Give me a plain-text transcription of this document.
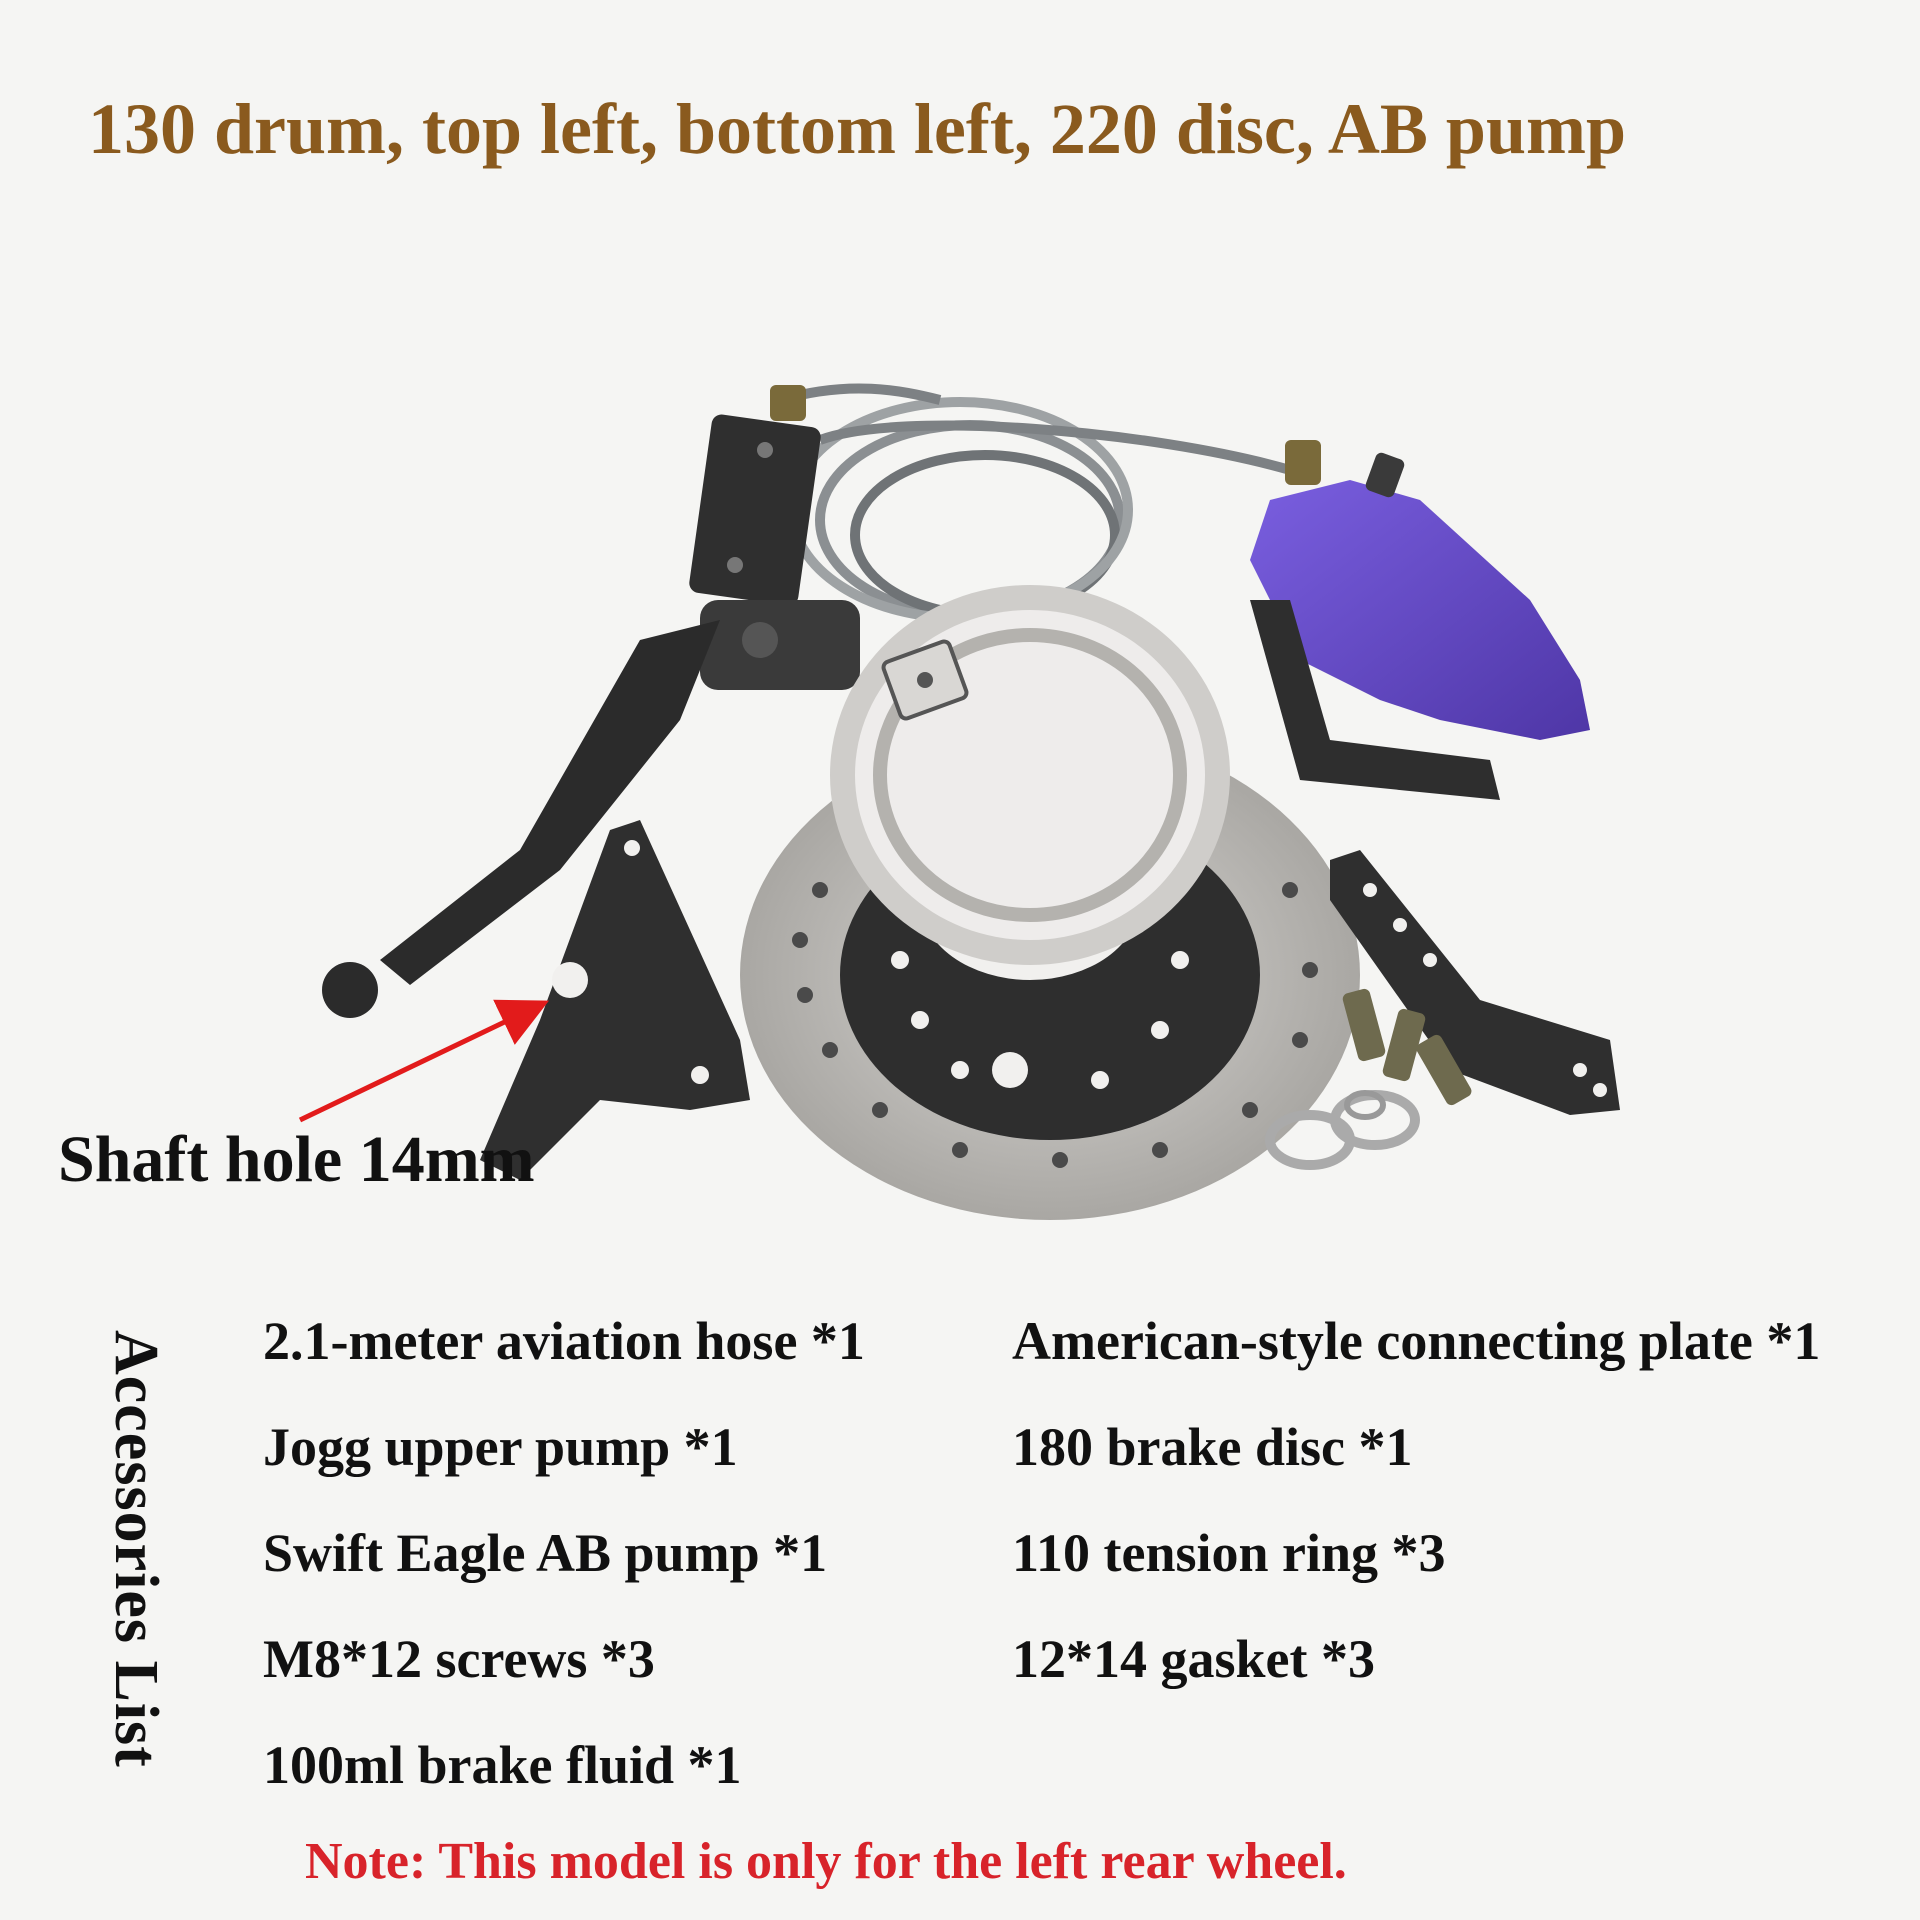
130 drum, top left, bottom left, 220 disc, AB pump
Shaft hole 14mm
Accessories List 2.1-meter aviation hose *1
Jogg upper pump *1
Swift Eagle AB pump *1
M8*12 screws *3
100ml brake fluid *1
American-style connecting plate *1
180 brake disc *1
110 tension ring *3
12*14 gasket *3
Note: This model is only for the left rear wheel.
